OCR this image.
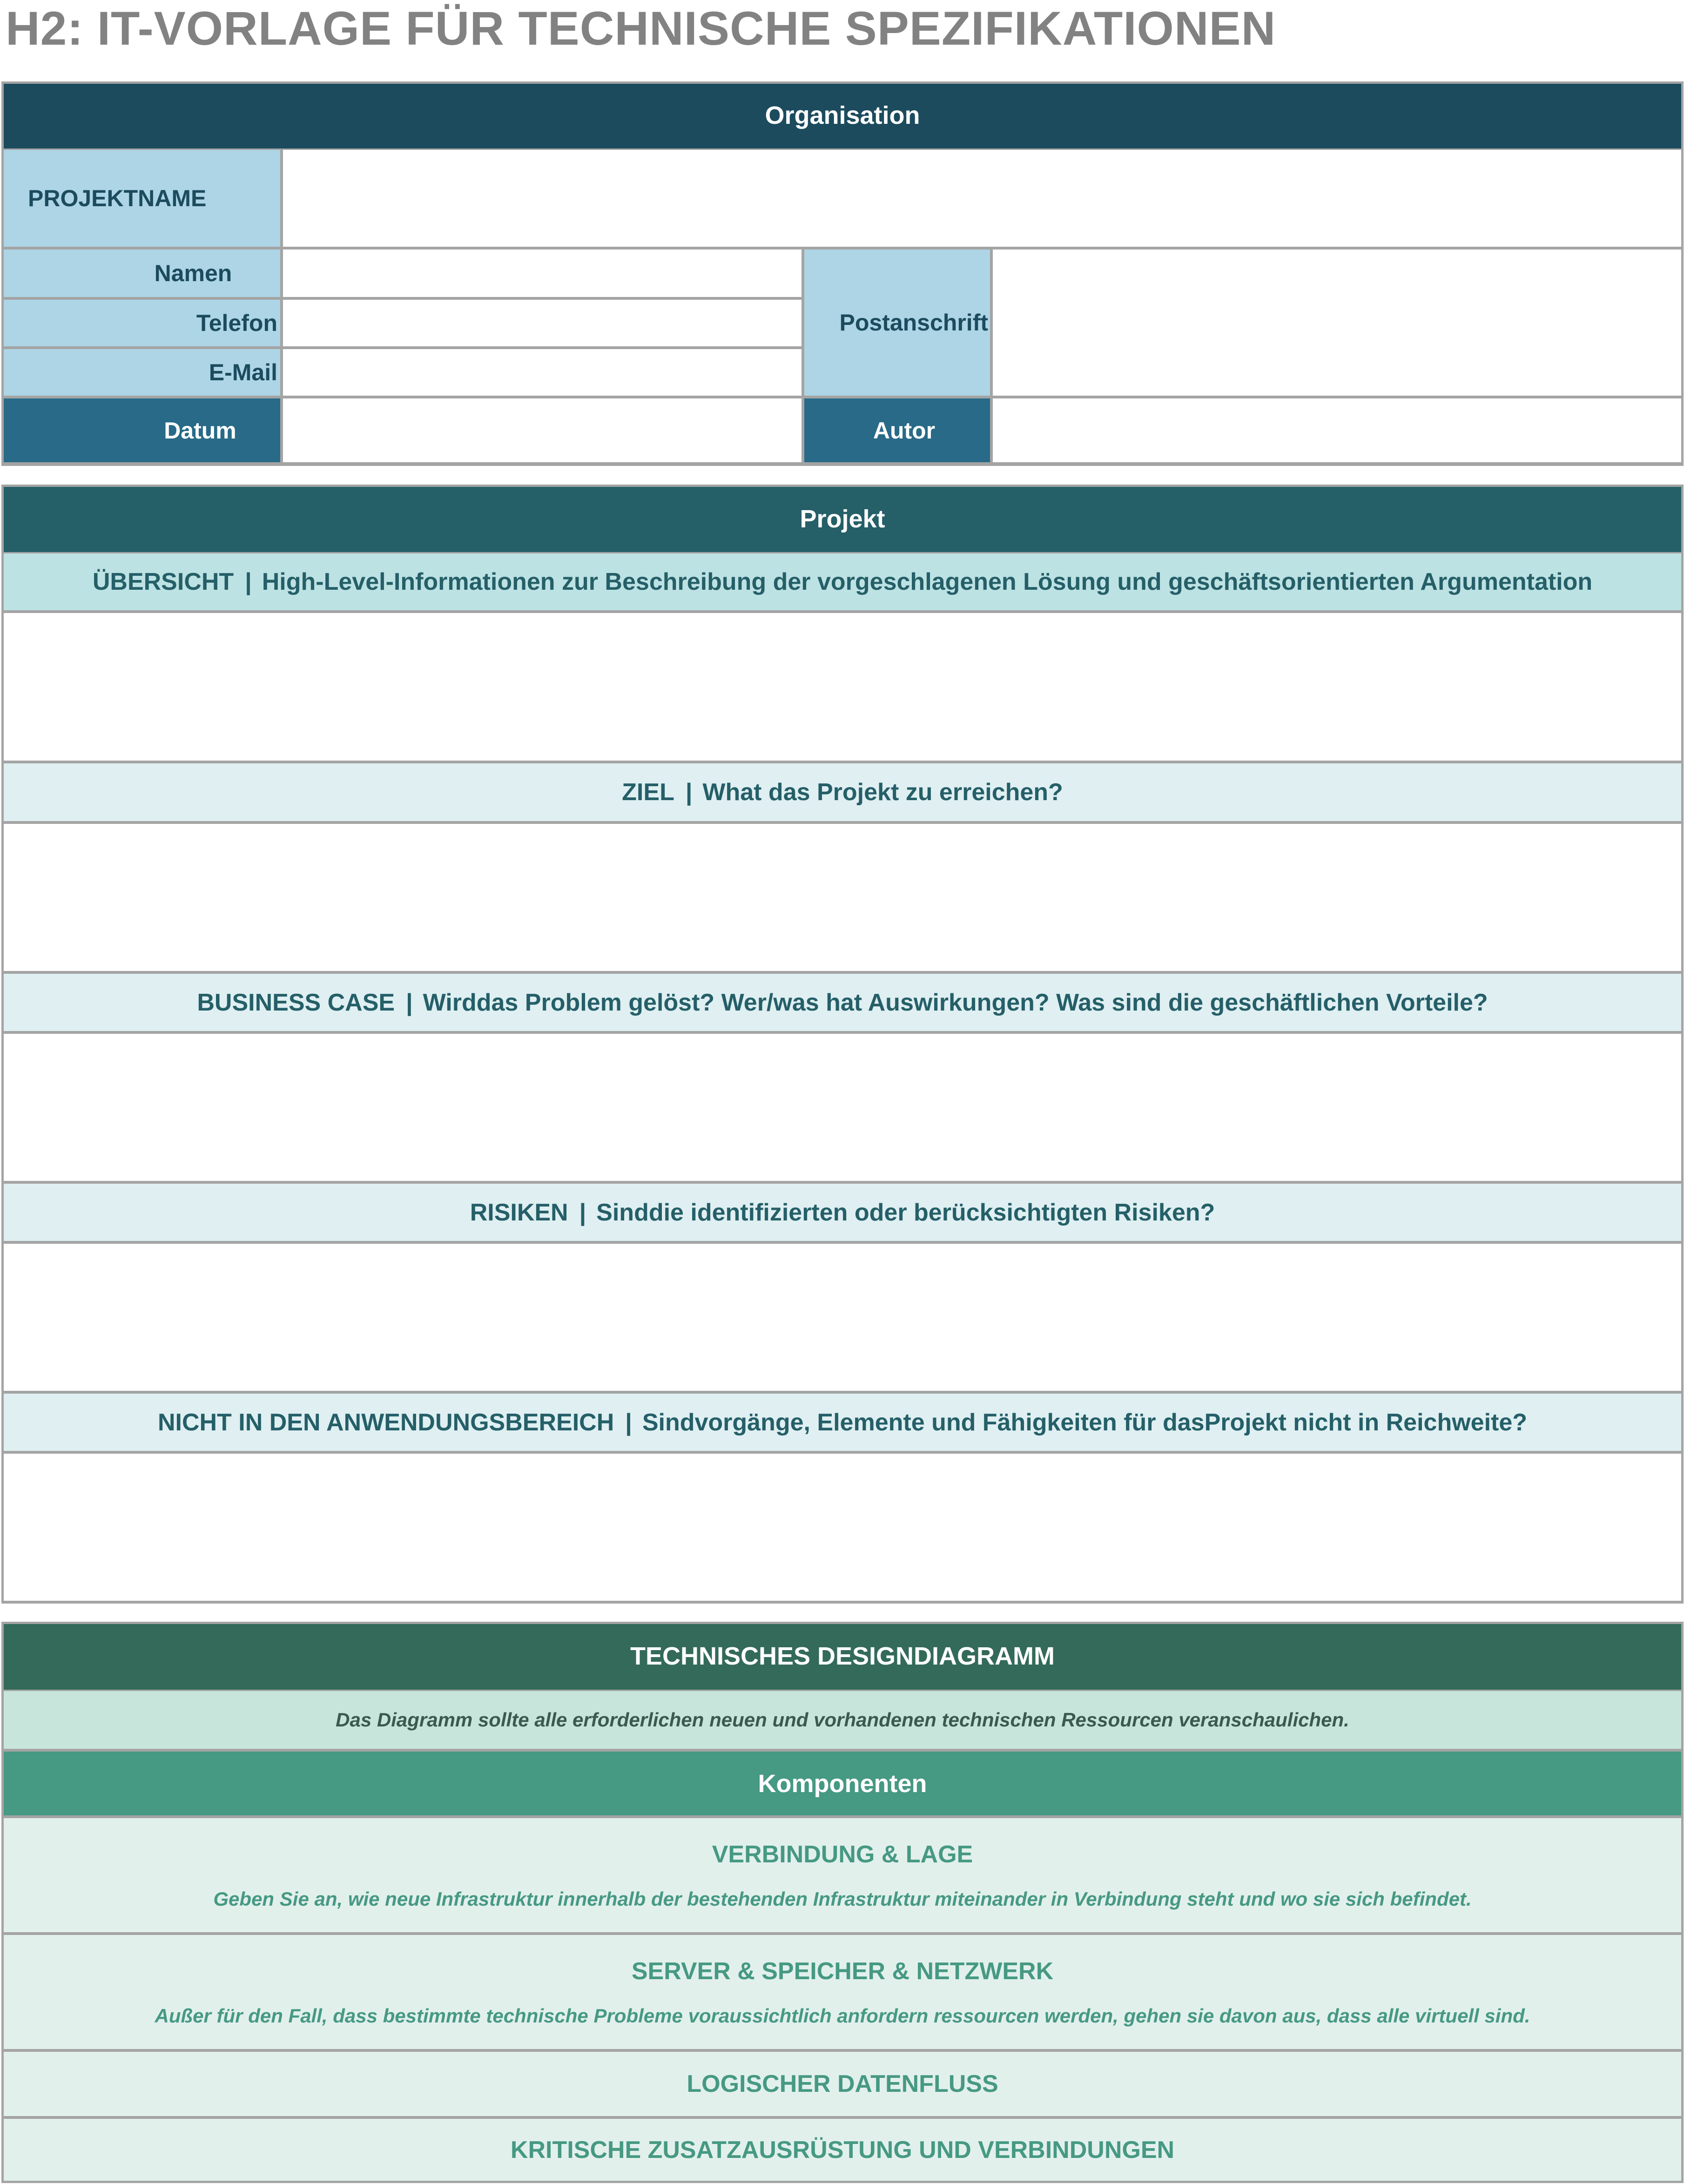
H2: IT-VORLAGE FÜR TECHNISCHE SPEZIFIKATIONEN
Organisation
PROJEKTNAME
Namen
Telefon
E-Mail
Postanschrift
Datum	Autor
Projekt
ÜBERSICHT | High-Level-Informationen zur Beschreibung der vorgeschlagenen Lösung und geschäftsorientierten Argumentation
ZIEL | What das Projekt zu erreichen?
BUSINESS CASE | Wirddas Problem gelöst? Wer/was hat Auswirkungen? Was sind die geschäftlichen Vorteile?
RISIKEN | Sinddie identifizierten oder berücksichtigten Risiken?
NICHT IN DEN ANWENDUNGSBEREICH | Sindvorgänge, Elemente und Fähigkeiten für dasProjekt nicht in Reichweite?
TECHNISCHES DESIGNDIAGRAMM
Das Diagramm sollte alle erforderlichen neuen und vorhandenen technischen Ressourcen veranschaulichen.
Komponenten
VERBINDUNG & LAGE
Geben Sie an, wie neue Infrastruktur innerhalb der bestehenden Infrastruktur miteinander in Verbindung steht und wo sie sich befindet.
SERVER & SPEICHER & NETZWERK
Außer für den Fall, dass bestimmte technische Probleme voraussichtlich anfordern ressourcen werden, gehen sie davon aus, dass alle virtuell sind.
LOGISCHER DATENFLUSS
KRITISCHE ZUSATZAUSRÜSTUNG UND VERBINDUNGEN
